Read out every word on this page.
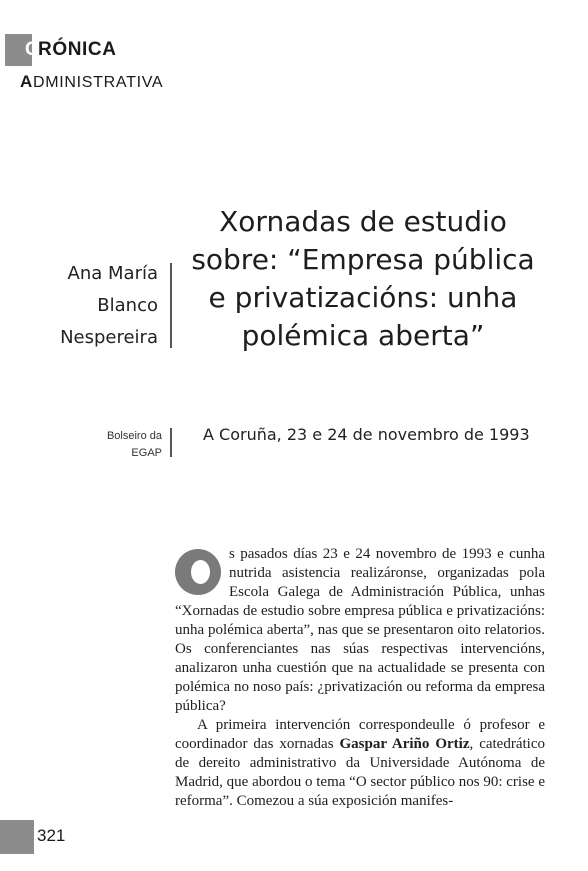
C
RÓNICA
ADMINISTRATIVA
Ana María
Blanco
Nespereira
Xornadas de estudio
sobre: “Empresa pública
e privatizacións: unha
polémica aberta”
Bolseiro da
EGAP
A Coruña, 23 e 24 de novembro de 1993

s pasados días 23 e 24 novembro de 1993 e cunha nutrida asistencia realizáronse, organizadas pola Escola Galega de Administración Pública, unhas “Xornadas de estudio sobre empresa pública e privatizacións: unha polémica aberta”, nas que se presentaron oito relatorios. Os conferenciantes nas súas respectivas intervencións, analizaron unha cuestión que na actualidade se presenta con polémica no noso país: ¿privatización ou reforma da empresa pública?

A primeira intervención correspondeulle ó profesor e coordinador das xornadas Gaspar Ariño Ortiz, catedrático de dereito administrativo da Universidade Autónoma de Madrid, que abordou o tema “O sector público nos 90: crise e reforma”. Comezou a súa exposición manifes-

321
